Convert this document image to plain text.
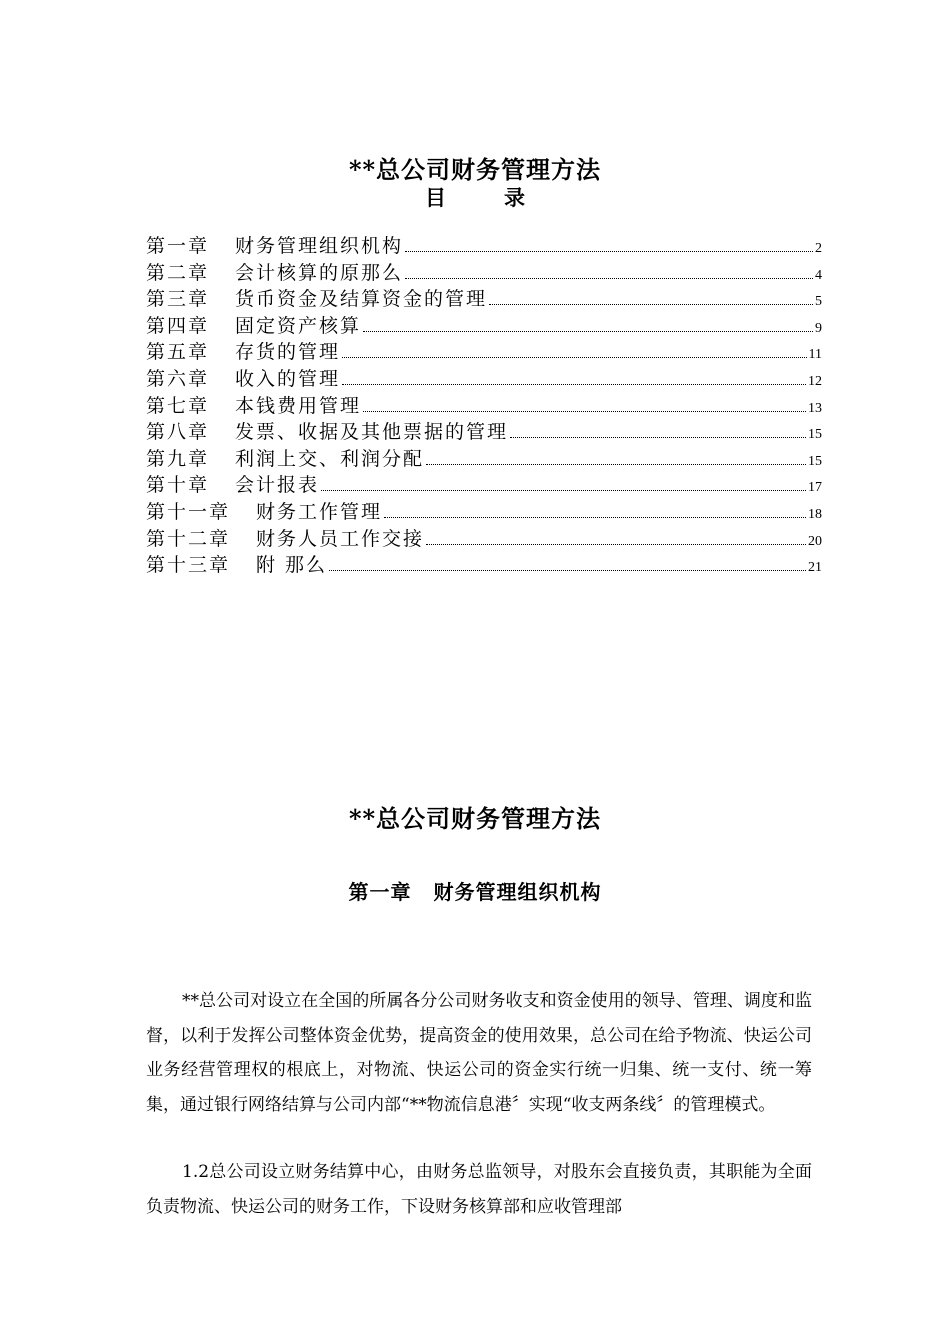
**总公司财务管理方法
目	录
第一章 财务管理组织机构	2
第二章 会计核算的原那么	4
第三章 货币资金及结算资金的管理	5
第四章 固定资产核算	9
第五章 存货的管理	11
第六章 收入的管理	12
第七章 本钱费用管理	13
第八章 发票、收据及其他票据的管理	15
第九章 利润上交、利润分配	15
第十章 会计报表	17
第十一章 财务工作管理	18
第十二章 财务人员工作交接	20
第十三章 附 那么	21
**总公司财务管理方法
第一章 财务管理组织机构

**总公司对设立在全国的所属各分公司财务收支和资金使用的领导、管理、调度和监督，以利于发挥公司整体资金优势，提高资金的使用效果，总公司在给予物流、快运公司业务经营管理权的根底上，对物流、快运公司的资金实行统一归集、统一支付、统一筹集，通过银行网络结算与公司内部“**物流信息港〞实现“收支两条线〞的管理模式。

1.2总公司设立财务结算中心，由财务总监领导，对股东会直接负责，其职能为全面负责物流、快运公司的财务工作，下设财务核算部和应收管理部
